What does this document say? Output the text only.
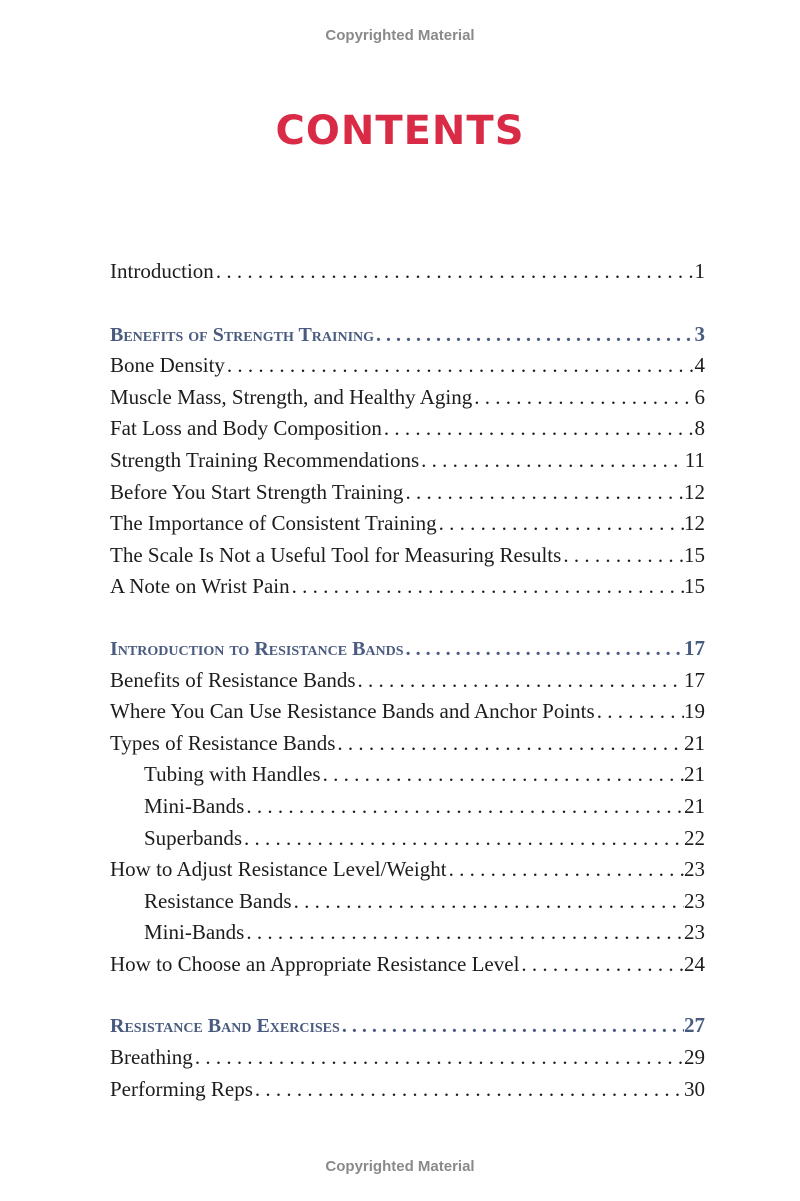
Copyrighted Material
CONTENTS
Introduction . . .	1
Benefits of Strength Training . . .	3
Bone Density . . .	4
Muscle Mass, Strength, and Healthy Aging . . .	6
Fat Loss and Body Composition . . .	8
Strength Training Recommendations . . .	11
Before You Start Strength Training . . .	12
The Importance of Consistent Training . . .	12
The Scale Is Not a Useful Tool for Measuring Results . . .	15
A Note on Wrist Pain . . .	15
Introduction to Resistance Bands . . .	17
Benefits of Resistance Bands . . .	17
Where You Can Use Resistance Bands and Anchor Points . . .	19
Types of Resistance Bands . . .	21
Tubing with Handles . . .	21
Mini-Bands . . .	21
Superbands . . .	22
How to Adjust Resistance Level/Weight . . .	23
Resistance Bands . . .	23
Mini-Bands . . .	23
How to Choose an Appropriate Resistance Level . . .	24
Resistance Band Exercises . . .	27
Breathing . . .	29
Performing Reps . . .	30
Copyrighted Material
